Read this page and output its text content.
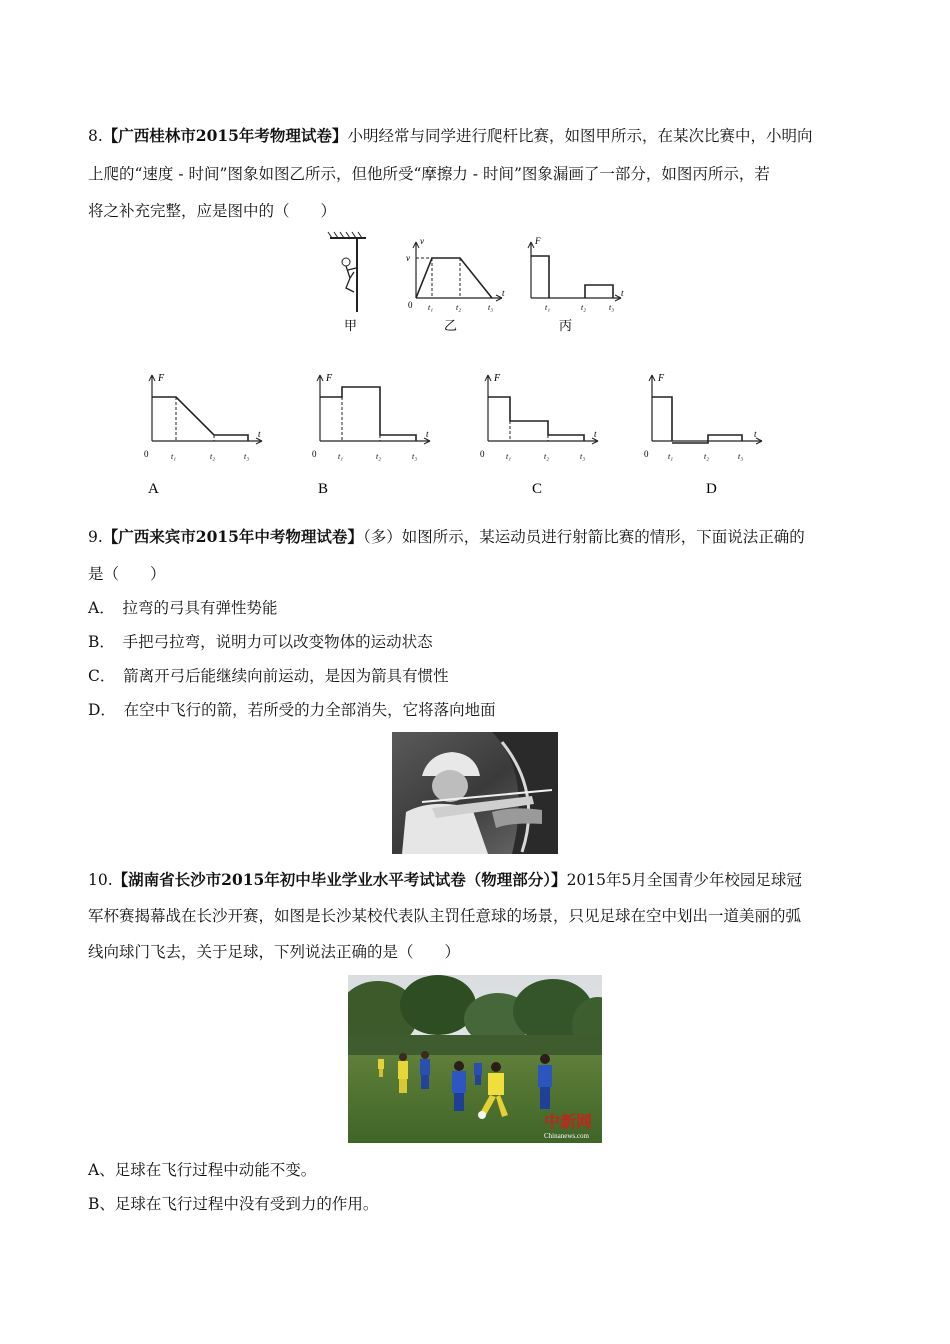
8.【广西桂林市2015年考物理试卷】小明经常与同学进行爬杆比赛，如图甲所示，在某次比赛中，小明向
上爬的“速度 - 时间”图象如图乙所示，但他所受“摩擦力 - 时间”图象漏画了一部分，如图丙所示，若
将之补充完整，应是图中的（　　）
甲
v
v
0 t₁	t₂	t₃
t
乙
F
t₁	t₂	t₃
t
丙
F
0	t₁	t₂	t₃
t
A
F
0	t₁	t₂	t₃
t
B
F
0	t₁	t₂	t₃
t
C
F
0 t₁	t₂	t₃
t
D
9.【广西来宾市2015年中考物理试卷】（多）如图所示，某运动员进行射箭比赛的情形，下面说法正确的
是（　　）
A．　拉弯的弓具有弹性势能
B．　手把弓拉弯，说明力可以改变物体的运动状态
C．　箭离开弓后能继续向前运动，是因为箭具有惯性
D．　在空中飞行的箭，若所受的力全部消失，它将落向地面
10.【湖南省长沙市2015年初中毕业学业水平考试试卷（物理部分）】2015年5月全国青少年校园足球冠
军杯赛揭幕战在长沙开赛，如图是长沙某校代表队主罚任意球的场景，只见足球在空中划出一道美丽的弧
线向球门飞去，关于足球，下列说法正确的是（　　）
中新网
Chinanews.com
A、足球在飞行过程中动能不变。
B、足球在飞行过程中没有受到力的作用。
